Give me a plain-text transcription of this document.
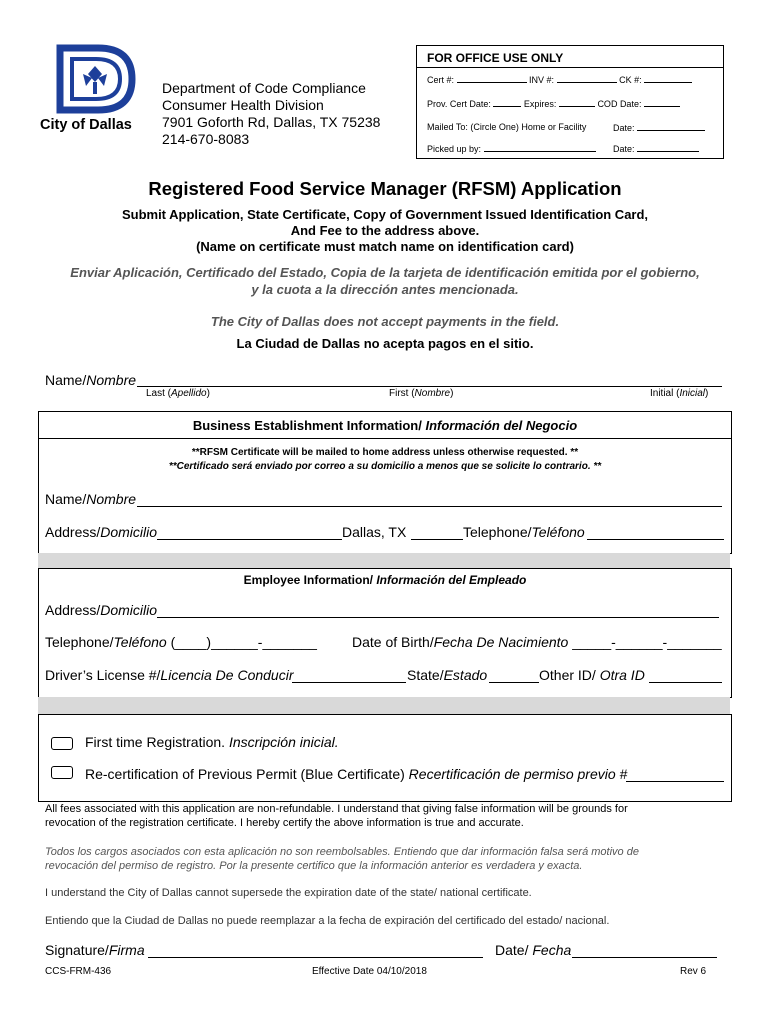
City of Dallas
Department of Code Compliance
Consumer Health Division
7901 Goforth Rd, Dallas, TX 75238
214-670-8083
FOR OFFICE USE ONLY
Cert #:	INV #:	CK #:
Prov. Cert Date:	Expires:	COD Date:
Mailed To: (Circle One) Home or Facility	Date:
Picked up by:	Date:
Registered Food Service Manager (RFSM) Application
Submit Application, State Certificate, Copy of Government Issued Identification Card,
And Fee to the address above.
(Name on certificate must match name on identification card)
Enviar Aplicación, Certificado del Estado, Copia de la tarjeta de identificación emitida por el gobierno,
y la cuota a la dirección antes mencionada.
The City of Dallas does not accept payments in the field.
La Ciudad de Dallas no acepta pagos en el sitio.
Name/Nombre
Last (Apellido)	First (Nombre)	Initial (Inicial)
Business Establishment Information/ Información del Negocio
**RFSM Certificate will be mailed to home address unless otherwise requested. **
**Certificado será enviado por correo a su domicilio a menos que se solicite lo contrario. **
Name/Nombre
Address/Domicilio	Dallas, TX	Telephone/Teléfono
Employee Information/ Información del Empleado
Address/Domicilio
Telephone/Teléfono (____)______-_______	Date of Birth/Fecha De Nacimiento _____-______-_______
Driver’s License #/Licencia De Conducir	State/Estado	Other ID/ Otra ID
First time Registration. Inscripción inicial.
Re-certification of Previous Permit (Blue Certificate) Recertificación de permiso previo #
All fees associated with this application are non-refundable. I understand that giving false information will be grounds for
revocation of the registration certificate. I hereby certify the above information is true and accurate.
Todos los cargos asociados con esta aplicación no son reembolsables. Entiendo que dar información falsa será motivo de
revocación del permiso de registro. Por la presente certifico que la información anterior es verdadera y exacta.
I understand the City of Dallas cannot supersede the expiration date of the state/ national certificate.
Entiendo que la Ciudad de Dallas no puede reemplazar a la fecha de expiración del certificado del estado/ nacional.
Signature/Firma	Date/ Fecha
CCS-FRM-436	Effective Date 04/10/2018	Rev 6
